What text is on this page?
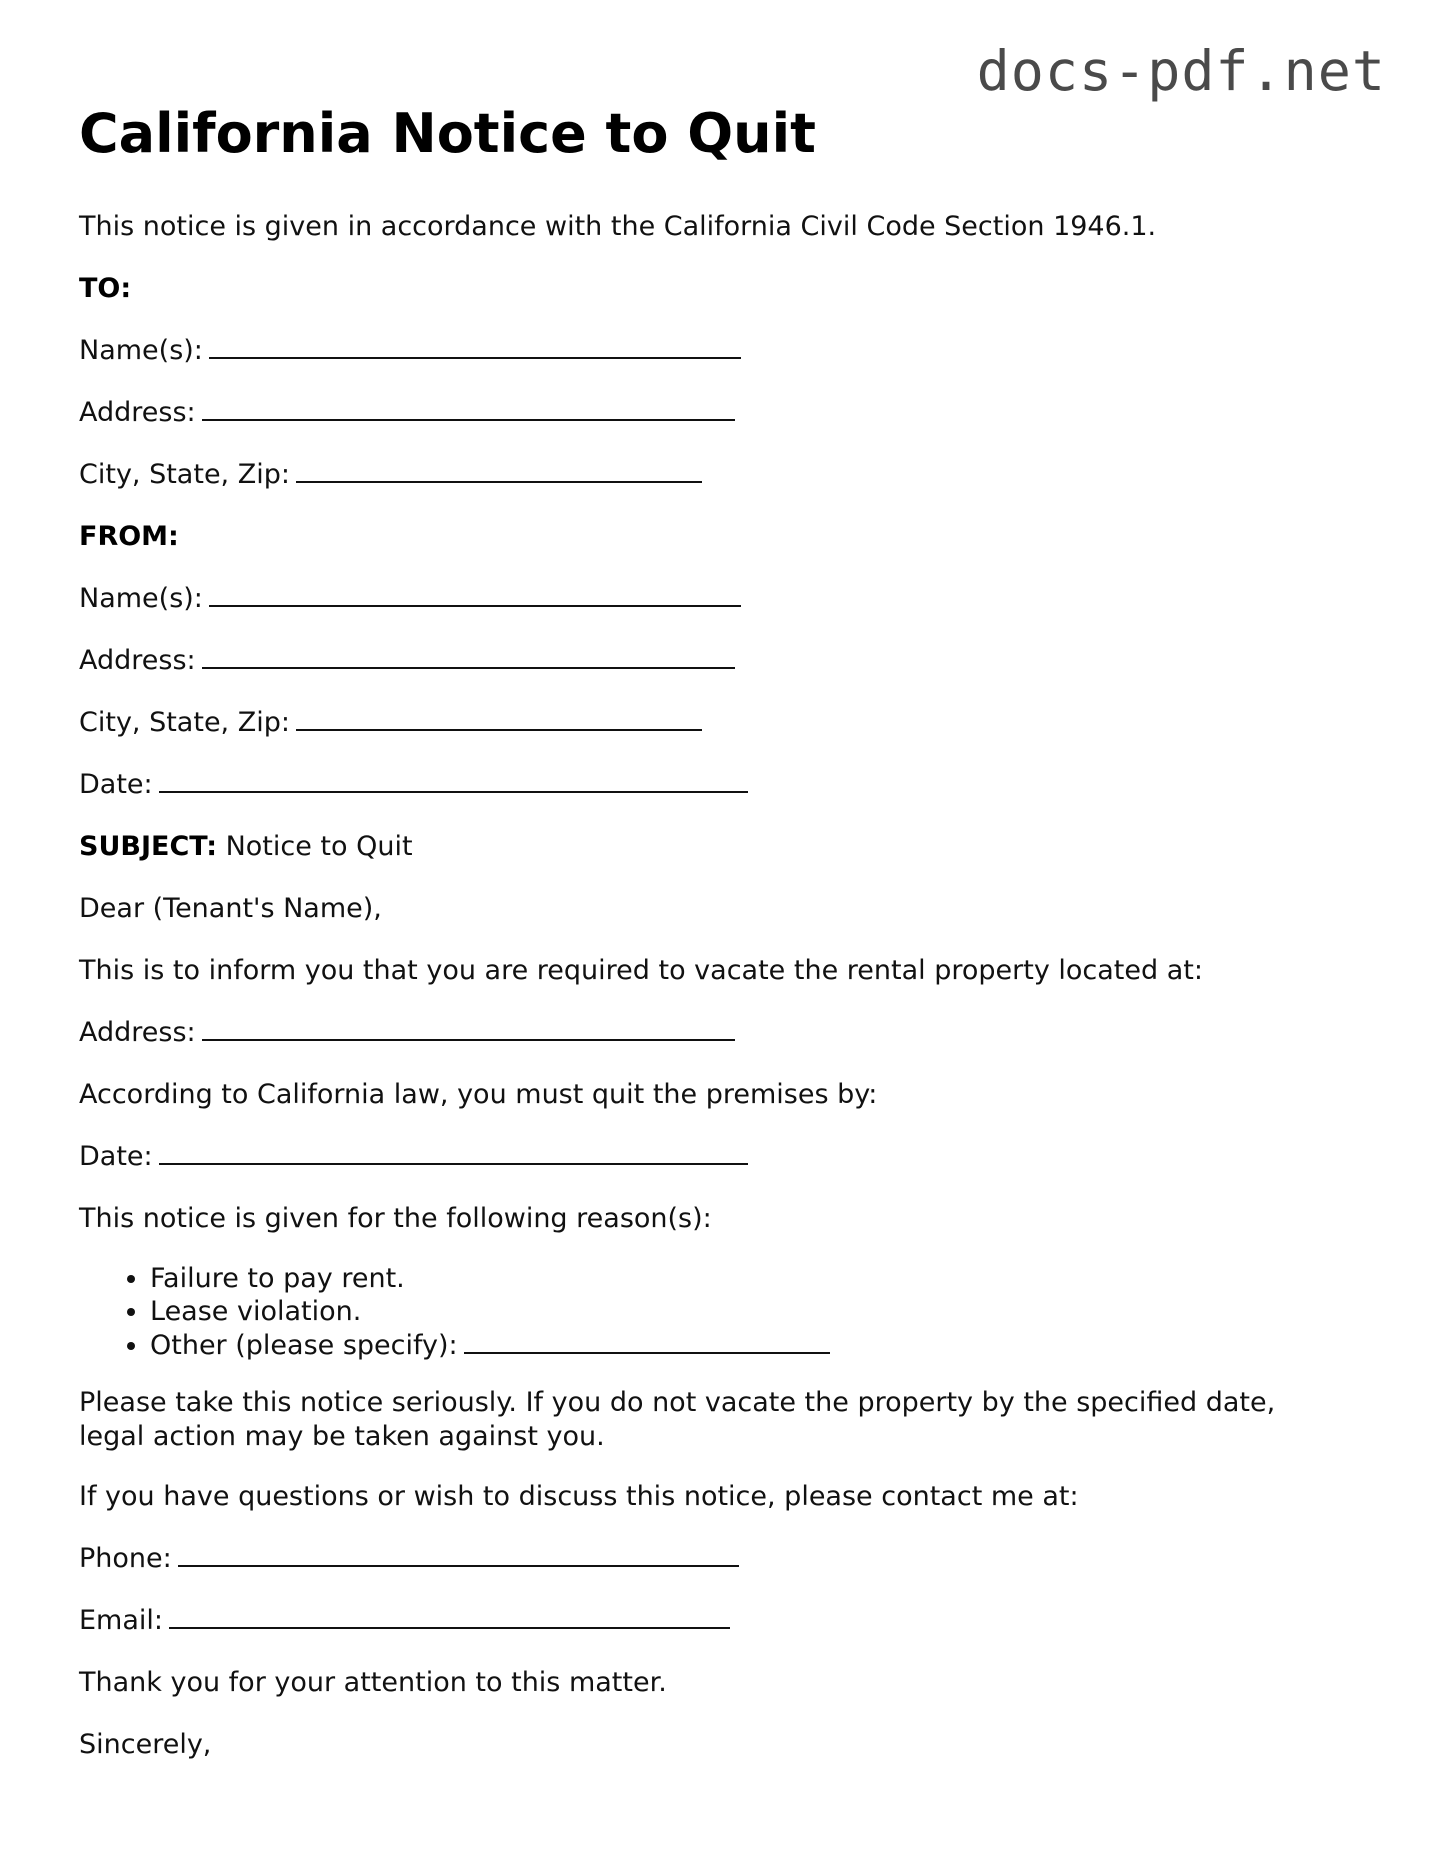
docs-pdf.net
California Notice to Quit
This notice is given in accordance with the California Civil Code Section 1946.1.
TO:
Name(s):
Address:
City, State, Zip:
FROM:
Name(s):
Address:
City, State, Zip:
Date:
SUBJECT: Notice to Quit
Dear (Tenant's Name),
This is to inform you that you are required to vacate the rental property located at:
Address:
According to California law, you must quit the premises by:
Date:
This notice is given for the following reason(s):
• Failure to pay rent.
• Lease violation.
• Other (please specify):
Please take this notice seriously. If you do not vacate the property by the specified date, legal action may be taken against you.
If you have questions or wish to discuss this notice, please contact me at:
Phone:
Email:
Thank you for your attention to this matter.
Sincerely,
